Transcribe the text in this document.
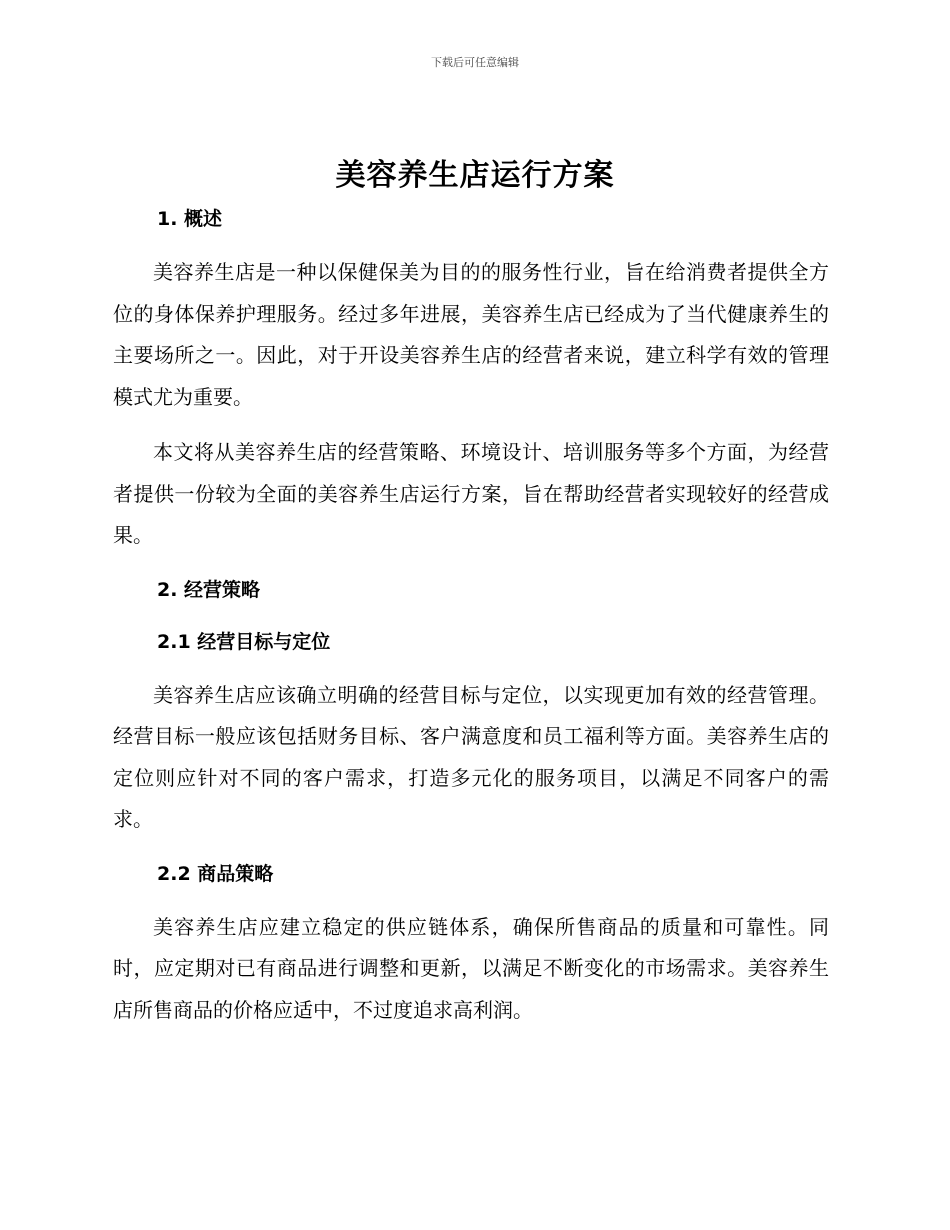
下载后可任意编辑
美容养生店运行方案
1. 概述

美容养生店是一种以保健保美为目的的服务性行业，旨在给消费者提供全方位的身体保养护理服务。经过多年进展，美容养生店已经成为了当代健康养生的主要场所之一。因此，对于开设美容养生店的经营者来说，建立科学有效的管理模式尤为重要。

本文将从美容养生店的经营策略、环境设计、培训服务等多个方面，为经营者提供一份较为全面的美容养生店运行方案，旨在帮助经营者实现较好的经营成果。

2. 经营策略
2.1 经营目标与定位

美容养生店应该确立明确的经营目标与定位，以实现更加有效的经营管理。经营目标一般应该包括财务目标、客户满意度和员工福利等方面。美容养生店的定位则应针对不同的客户需求，打造多元化的服务项目，以满足不同客户的需求。

2.2 商品策略

美容养生店应建立稳定的供应链体系，确保所售商品的质量和可靠性。同时，应定期对已有商品进行调整和更新，以满足不断变化的市场需求。美容养生店所售商品的价格应适中，不过度追求高利润。
